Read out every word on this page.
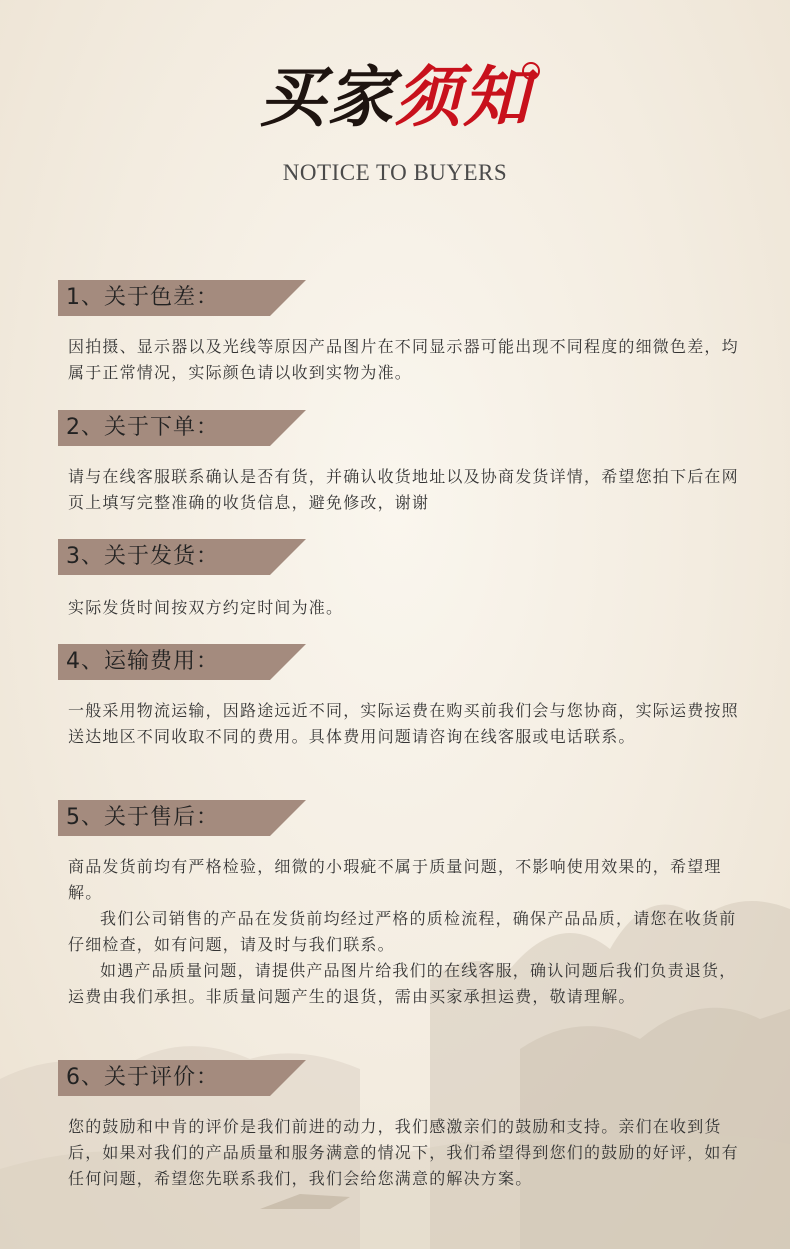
买家须知
NOTICE TO BUYERS
1、关于色差：

因拍摄、显示器以及光线等原因产品图片在不同显示器可能出现不同程度的细微色差，均属于正常情况，实际颜色请以收到实物为准。

2、关于下单：

请与在线客服联系确认是否有货，并确认收货地址以及协商发货详情，希望您拍下后在网页上填写完整准确的收货信息，避免修改，谢谢

3、关于发货：

实际发货时间按双方约定时间为准。

4、运输费用：

一般采用物流运输，因路途远近不同，实际运费在购买前我们会与您协商，实际运费按照送达地区不同收取不同的费用。具体费用问题请咨询在线客服或电话联系。

5、关于售后：

商品发货前均有严格检验，细微的小瑕疵不属于质量问题，不影响使用效果的，希望理解。

我们公司销售的产品在发货前均经过严格的质检流程，确保产品品质，请您在收货前仔细检查，如有问题，请及时与我们联系。

如遇产品质量问题，请提供产品图片给我们的在线客服，确认问题后我们负责退货，运费由我们承担。非质量问题产生的退货，需由买家承担运费，敬请理解。

6、关于评价：

您的鼓励和中肯的评价是我们前进的动力，我们感激亲们的鼓励和支持。亲们在收到货后，如果对我们的产品质量和服务满意的情况下，我们希望得到您们的鼓励的好评，如有任何问题，希望您先联系我们，我们会给您满意的解决方案。
